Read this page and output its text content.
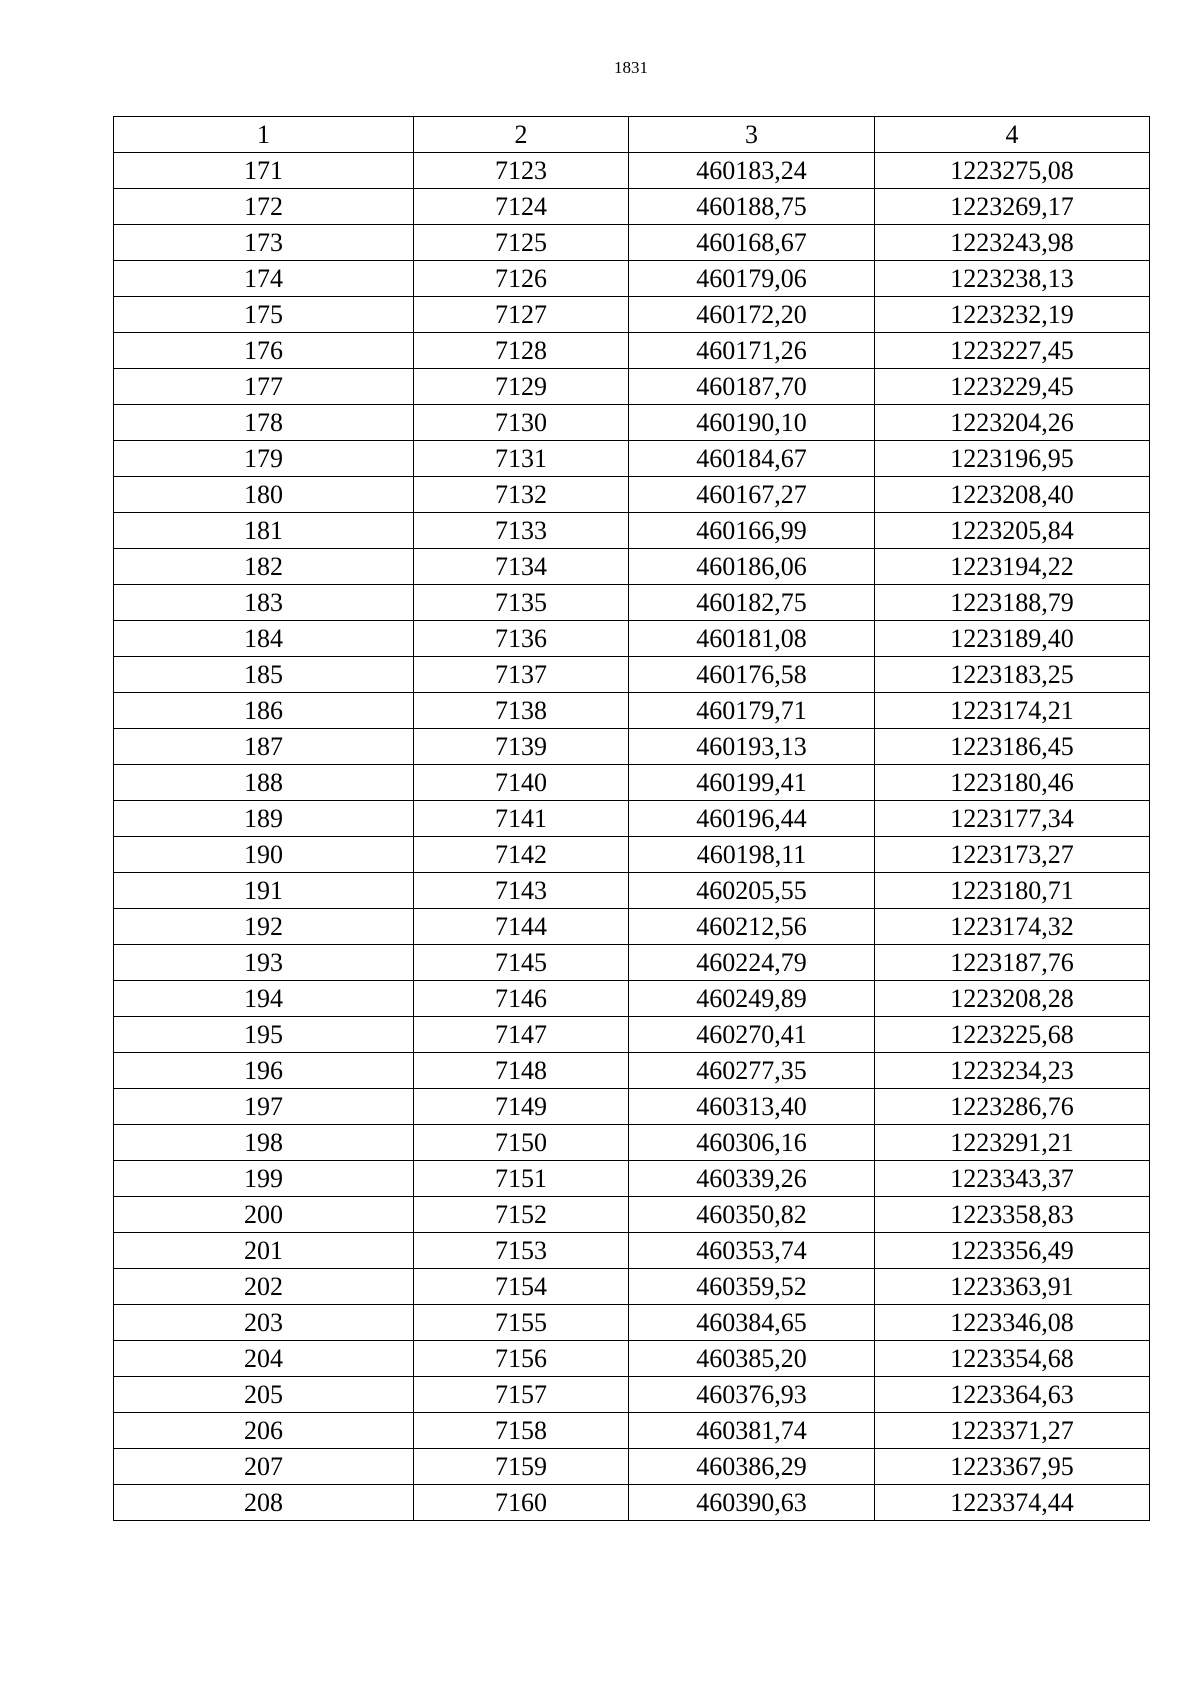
1831
1	2	3	4
171	7123	460183,24	1223275,08
172	7124	460188,75	1223269,17
173	7125	460168,67	1223243,98
174	7126	460179,06	1223238,13
175	7127	460172,20	1223232,19
176	7128	460171,26	1223227,45
177	7129	460187,70	1223229,45
178	7130	460190,10	1223204,26
179	7131	460184,67	1223196,95
180	7132	460167,27	1223208,40
181	7133	460166,99	1223205,84
182	7134	460186,06	1223194,22
183	7135	460182,75	1223188,79
184	7136	460181,08	1223189,40
185	7137	460176,58	1223183,25
186	7138	460179,71	1223174,21
187	7139	460193,13	1223186,45
188	7140	460199,41	1223180,46
189	7141	460196,44	1223177,34
190	7142	460198,11	1223173,27
191	7143	460205,55	1223180,71
192	7144	460212,56	1223174,32
193	7145	460224,79	1223187,76
194	7146	460249,89	1223208,28
195	7147	460270,41	1223225,68
196	7148	460277,35	1223234,23
197	7149	460313,40	1223286,76
198	7150	460306,16	1223291,21
199	7151	460339,26	1223343,37
200	7152	460350,82	1223358,83
201	7153	460353,74	1223356,49
202	7154	460359,52	1223363,91
203	7155	460384,65	1223346,08
204	7156	460385,20	1223354,68
205	7157	460376,93	1223364,63
206	7158	460381,74	1223371,27
207	7159	460386,29	1223367,95
208	7160	460390,63	1223374,44
